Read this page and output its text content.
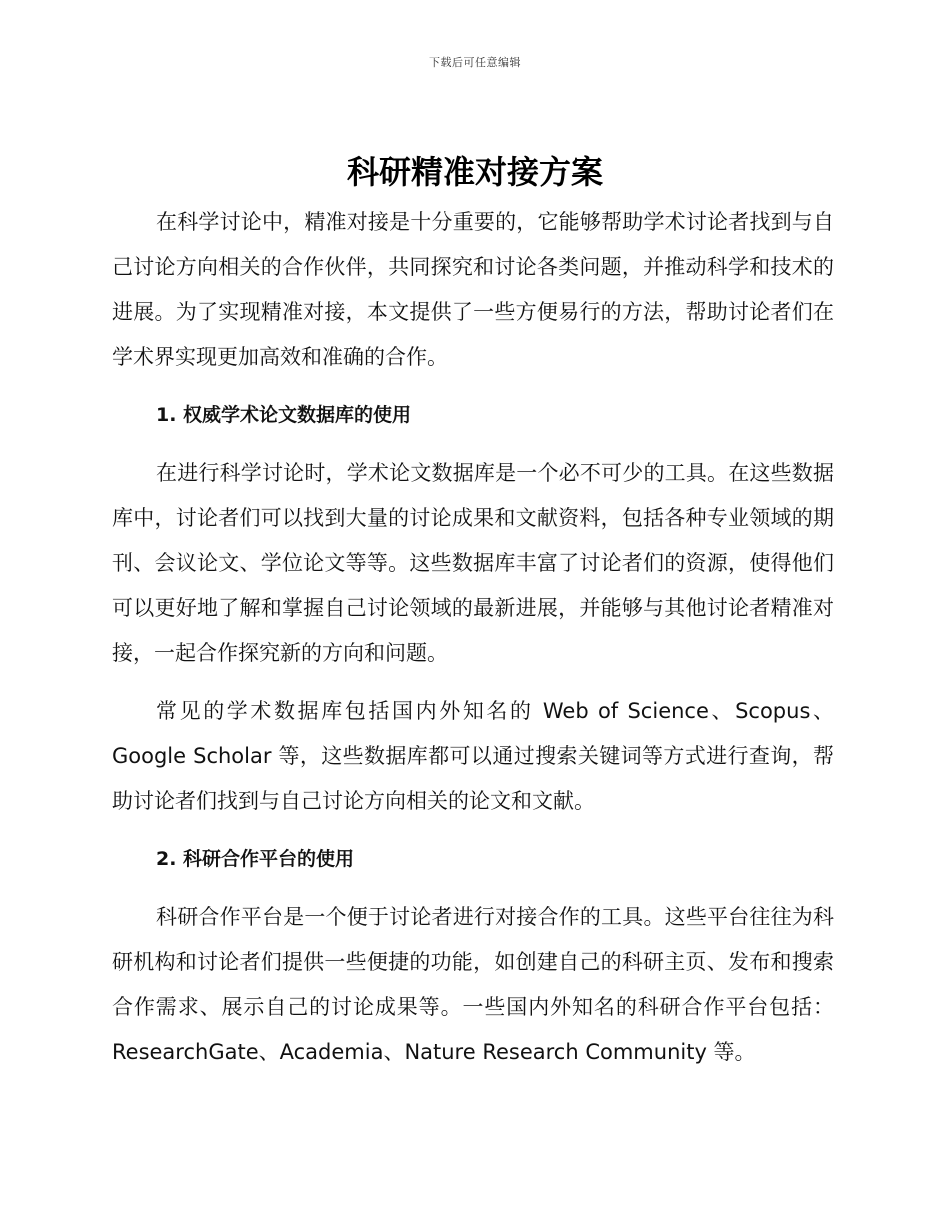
下载后可任意编辑
科研精准对接方案

在科学讨论中，精准对接是十分重要的，它能够帮助学术讨论者找到与自己讨论方向相关的合作伙伴，共同探究和讨论各类问题，并推动科学和技术的进展。为了实现精准对接，本文提供了一些方便易行的方法，帮助讨论者们在学术界实现更加高效和准确的合作。

1. 权威学术论文数据库的使用

在进行科学讨论时，学术论文数据库是一个必不可少的工具。在这些数据库中，讨论者们可以找到大量的讨论成果和文献资料，包括各种专业领域的期刊、会议论文、学位论文等等。这些数据库丰富了讨论者们的资源，使得他们可以更好地了解和掌握自己讨论领域的最新进展，并能够与其他讨论者精准对接，一起合作探究新的方向和问题。

常见的学术数据库包括国内外知名的 Web of Science、Scopus、Google Scholar 等，这些数据库都可以通过搜索关键词等方式进行查询，帮助讨论者们找到与自己讨论方向相关的论文和文献。

2. 科研合作平台的使用

科研合作平台是一个便于讨论者进行对接合作的工具。这些平台往往为科研机构和讨论者们提供一些便捷的功能，如创建自己的科研主页、发布和搜索合作需求、展示自己的讨论成果等。一些国内外知名的科研合作平台包括：ResearchGate、Academia、Nature Research Community 等。
